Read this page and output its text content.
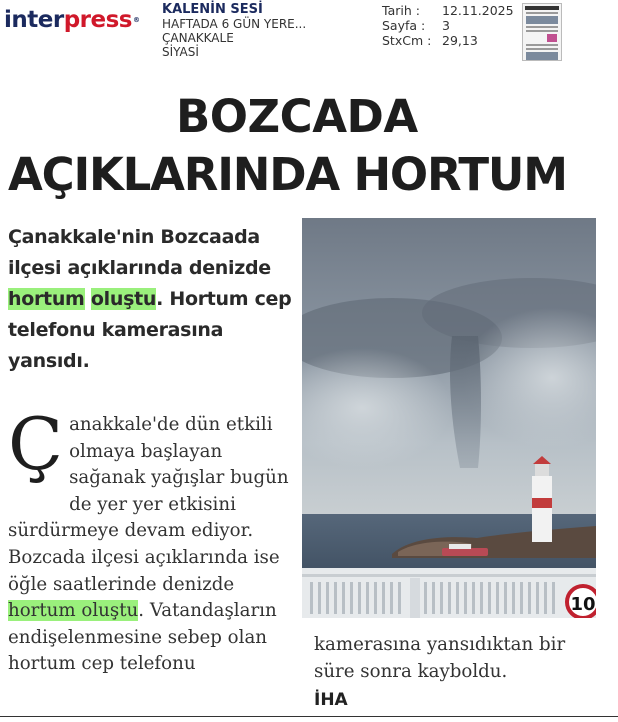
interpress®
KALENİN SESİ
HAFTADA 6 GÜN YERE...
ÇANAKKALE
SİYASİ
Tarih :	12.11.2025
Sayfa :	3
StxCm : 29,13
BOZCADA
AÇIKLARINDA HORTUM
Çanakkale'nin Bozcaada ilçesi açıklarında denizde hortum oluştu. Hortum cep telefonu kamerasına yansıdı.
10
Ç anakkale'de dün etkili olmaya başlayan sağanak yağışlar bugün de yer yer etkisini sürdürmeye devam ediyor. Bozcada ilçesi açıklarında ise öğle saatlerinde denizde hortum oluştu. Vatandaşların endişelenmesine sebep olan hortum cep telefonu

kamerasına yansıdıktan bir süre sonra kayboldu.

İHA
